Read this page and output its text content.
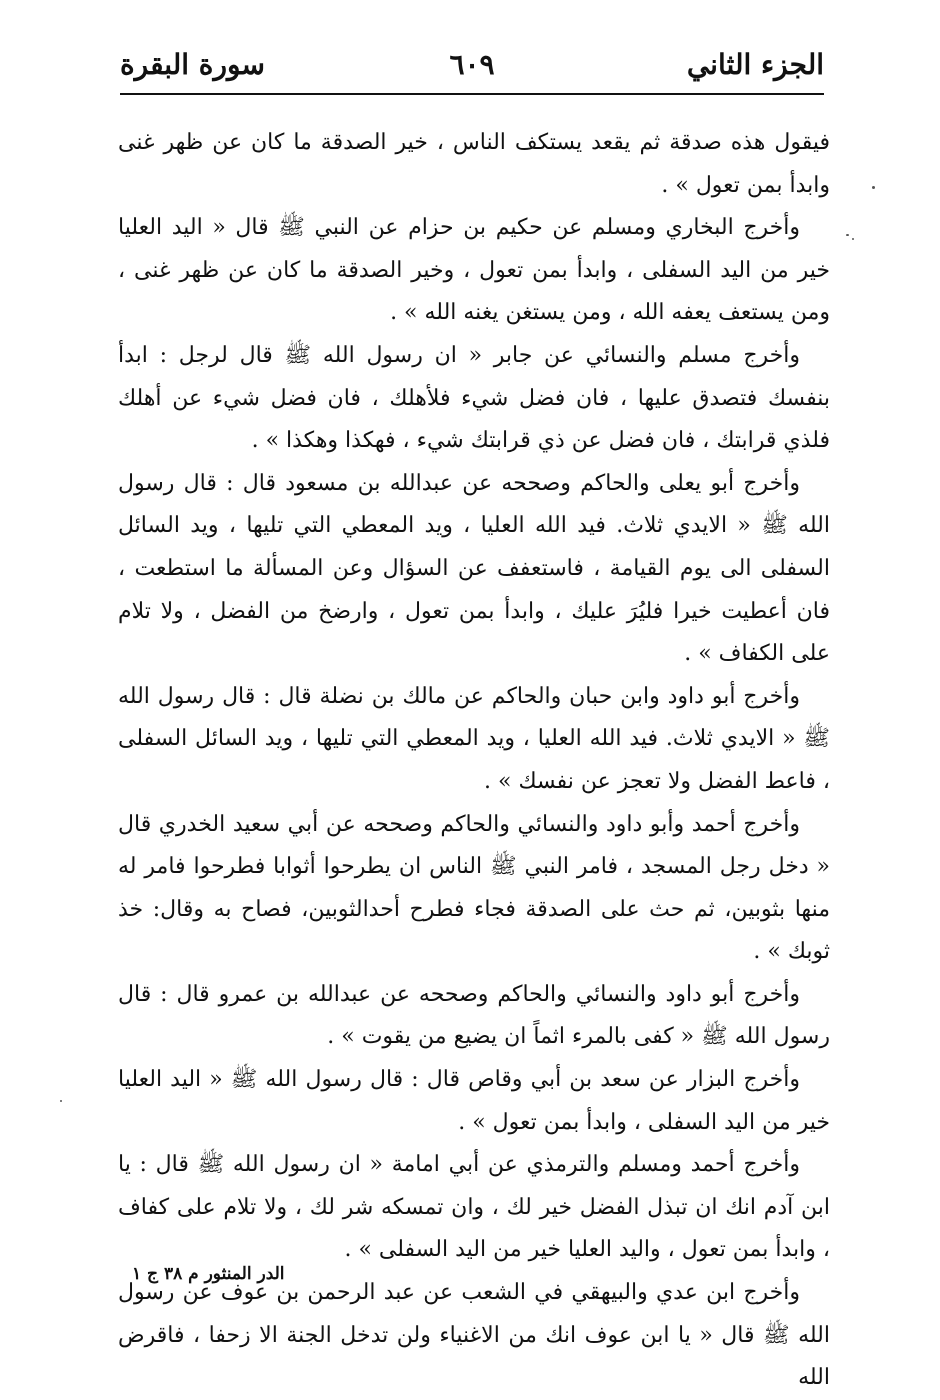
الجزء الثاني
٦٠٩
سورة البقرة

فيقول هذه صدقة ثم يقعد يستكف الناس ، خير الصدقة ما كان عن ظهر غنى وابدأ بمن تعول » .

وأخرج البخاري ومسلم عن حكيم بن حزام عن النبي ﷺ قال « اليد العليا خير من اليد السفلى ، وابدأ بمن تعول ، وخير الصدقة ما كان عن ظهر غنى ، ومن يستعف يعفه الله ، ومن يستغن يغنه الله » .

وأخرج مسلم والنسائي عن جابر « ان رسول الله ﷺ قال لرجل : ابدأ بنفسك فتصدق عليها ، فان فضل شيء فلأهلك ، فان فضل شيء عن أهلك فلذي قرابتك ، فان فضل عن ذي قرابتك شيء ، فهكذا وهكذا » .

وأخرج أبو يعلى والحاكم وصححه عن عبدالله بن مسعود قال : قال رسول الله ﷺ « الايدي ثلاث. فيد الله العليا ، ويد المعطي التي تليها ، ويد السائل السفلى الى يوم القيامة ، فاستعفف عن السؤال وعن المسألة ما استطعت ، فان أعطيت خيرا فليُرَ عليك ، وابدأ بمن تعول ، وارضخ من الفضل ، ولا تلام على الكفاف » .

وأخرج أبو داود وابن حبان والحاكم عن مالك بن نضلة قال : قال رسول الله ﷺ « الايدي ثلاث. فيد الله العليا ، ويد المعطي التي تليها ، ويد السائل السفلى ، فاعط الفضل ولا تعجز عن نفسك » .

وأخرج أحمد وأبو داود والنسائي والحاكم وصححه عن أبي سعيد الخدري قال « دخل رجل المسجد ، فامر النبي ﷺ الناس ان يطرحوا أثوابا فطرحوا فامر له منها بثوبين، ثم حث على الصدقة فجاء فطرح أحدالثوبين، فصاح به وقال: خذ ثوبك » .

وأخرج أبو داود والنسائي والحاكم وصححه عن عبدالله بن عمرو قال : قال رسول الله ﷺ « كفى بالمرء اثماً ان يضيع من يقوت » .

وأخرج البزار عن سعد بن أبي وقاص قال : قال رسول الله ﷺ « اليد العليا خير من اليد السفلى ، وابدأ بمن تعول » .

وأخرج أحمد ومسلم والترمذي عن أبي امامة « ان رسول الله ﷺ قال : يا ابن آدم انك ان تبذل الفضل خير لك ، وان تمسكه شر لك ، ولا تلام على كفاف ، وابدأ بمن تعول ، واليد العليا خير من اليد السفلى » .

وأخرج ابن عدي والبيهقي في الشعب عن عبد الرحمن بن عوف عن رسول الله ﷺ قال « يا ابن عوف انك من الاغنياء ولن تدخل الجنة الا زحفا ، فاقرض الله

الدر المنثور م ٣٨ ج ١
